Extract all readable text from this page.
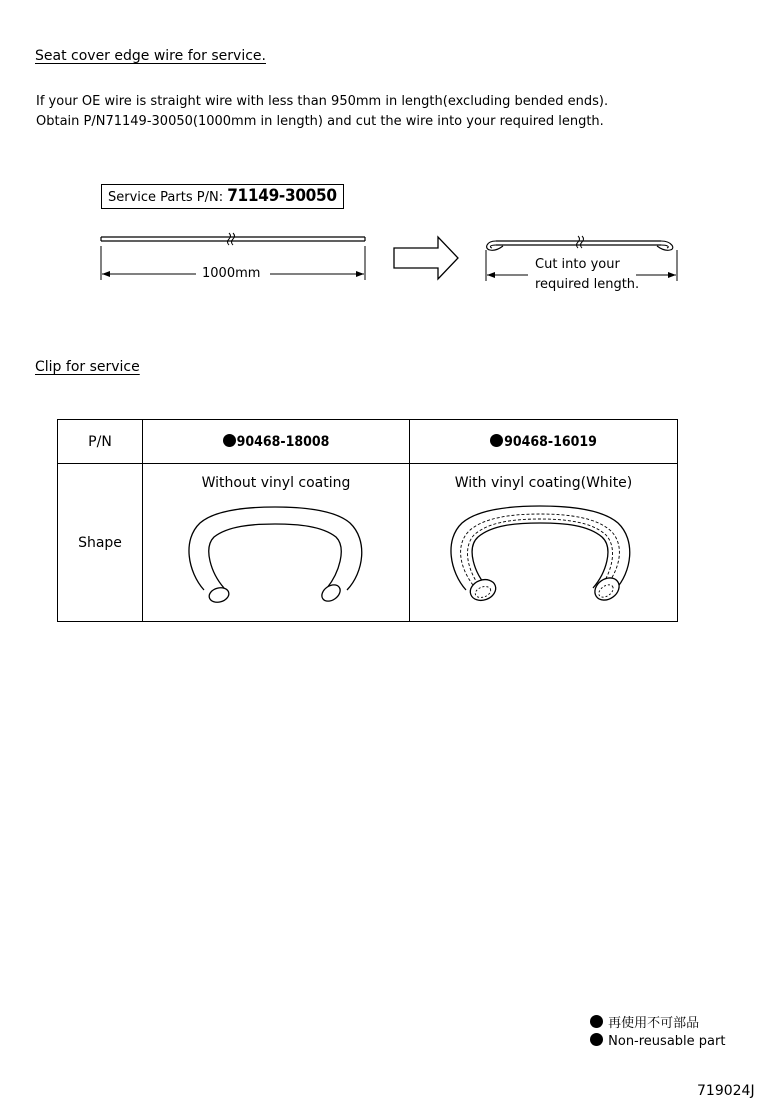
Seat cover edge wire for service.
If your OE wire is straight wire with less than 950mm in length(excluding bended ends).
Obtain P/N71149-30050(1000mm in length) and cut the wire into your required length.
Service Parts P/N: 71149-30050
1000mm
Cut into your
required length.
Clip for service
P/N	90468-18008	90468-16019
Shape	Without vinyl coating	With vinyl coating(White)
再使用不可部品
Non-reusable part
719024J
